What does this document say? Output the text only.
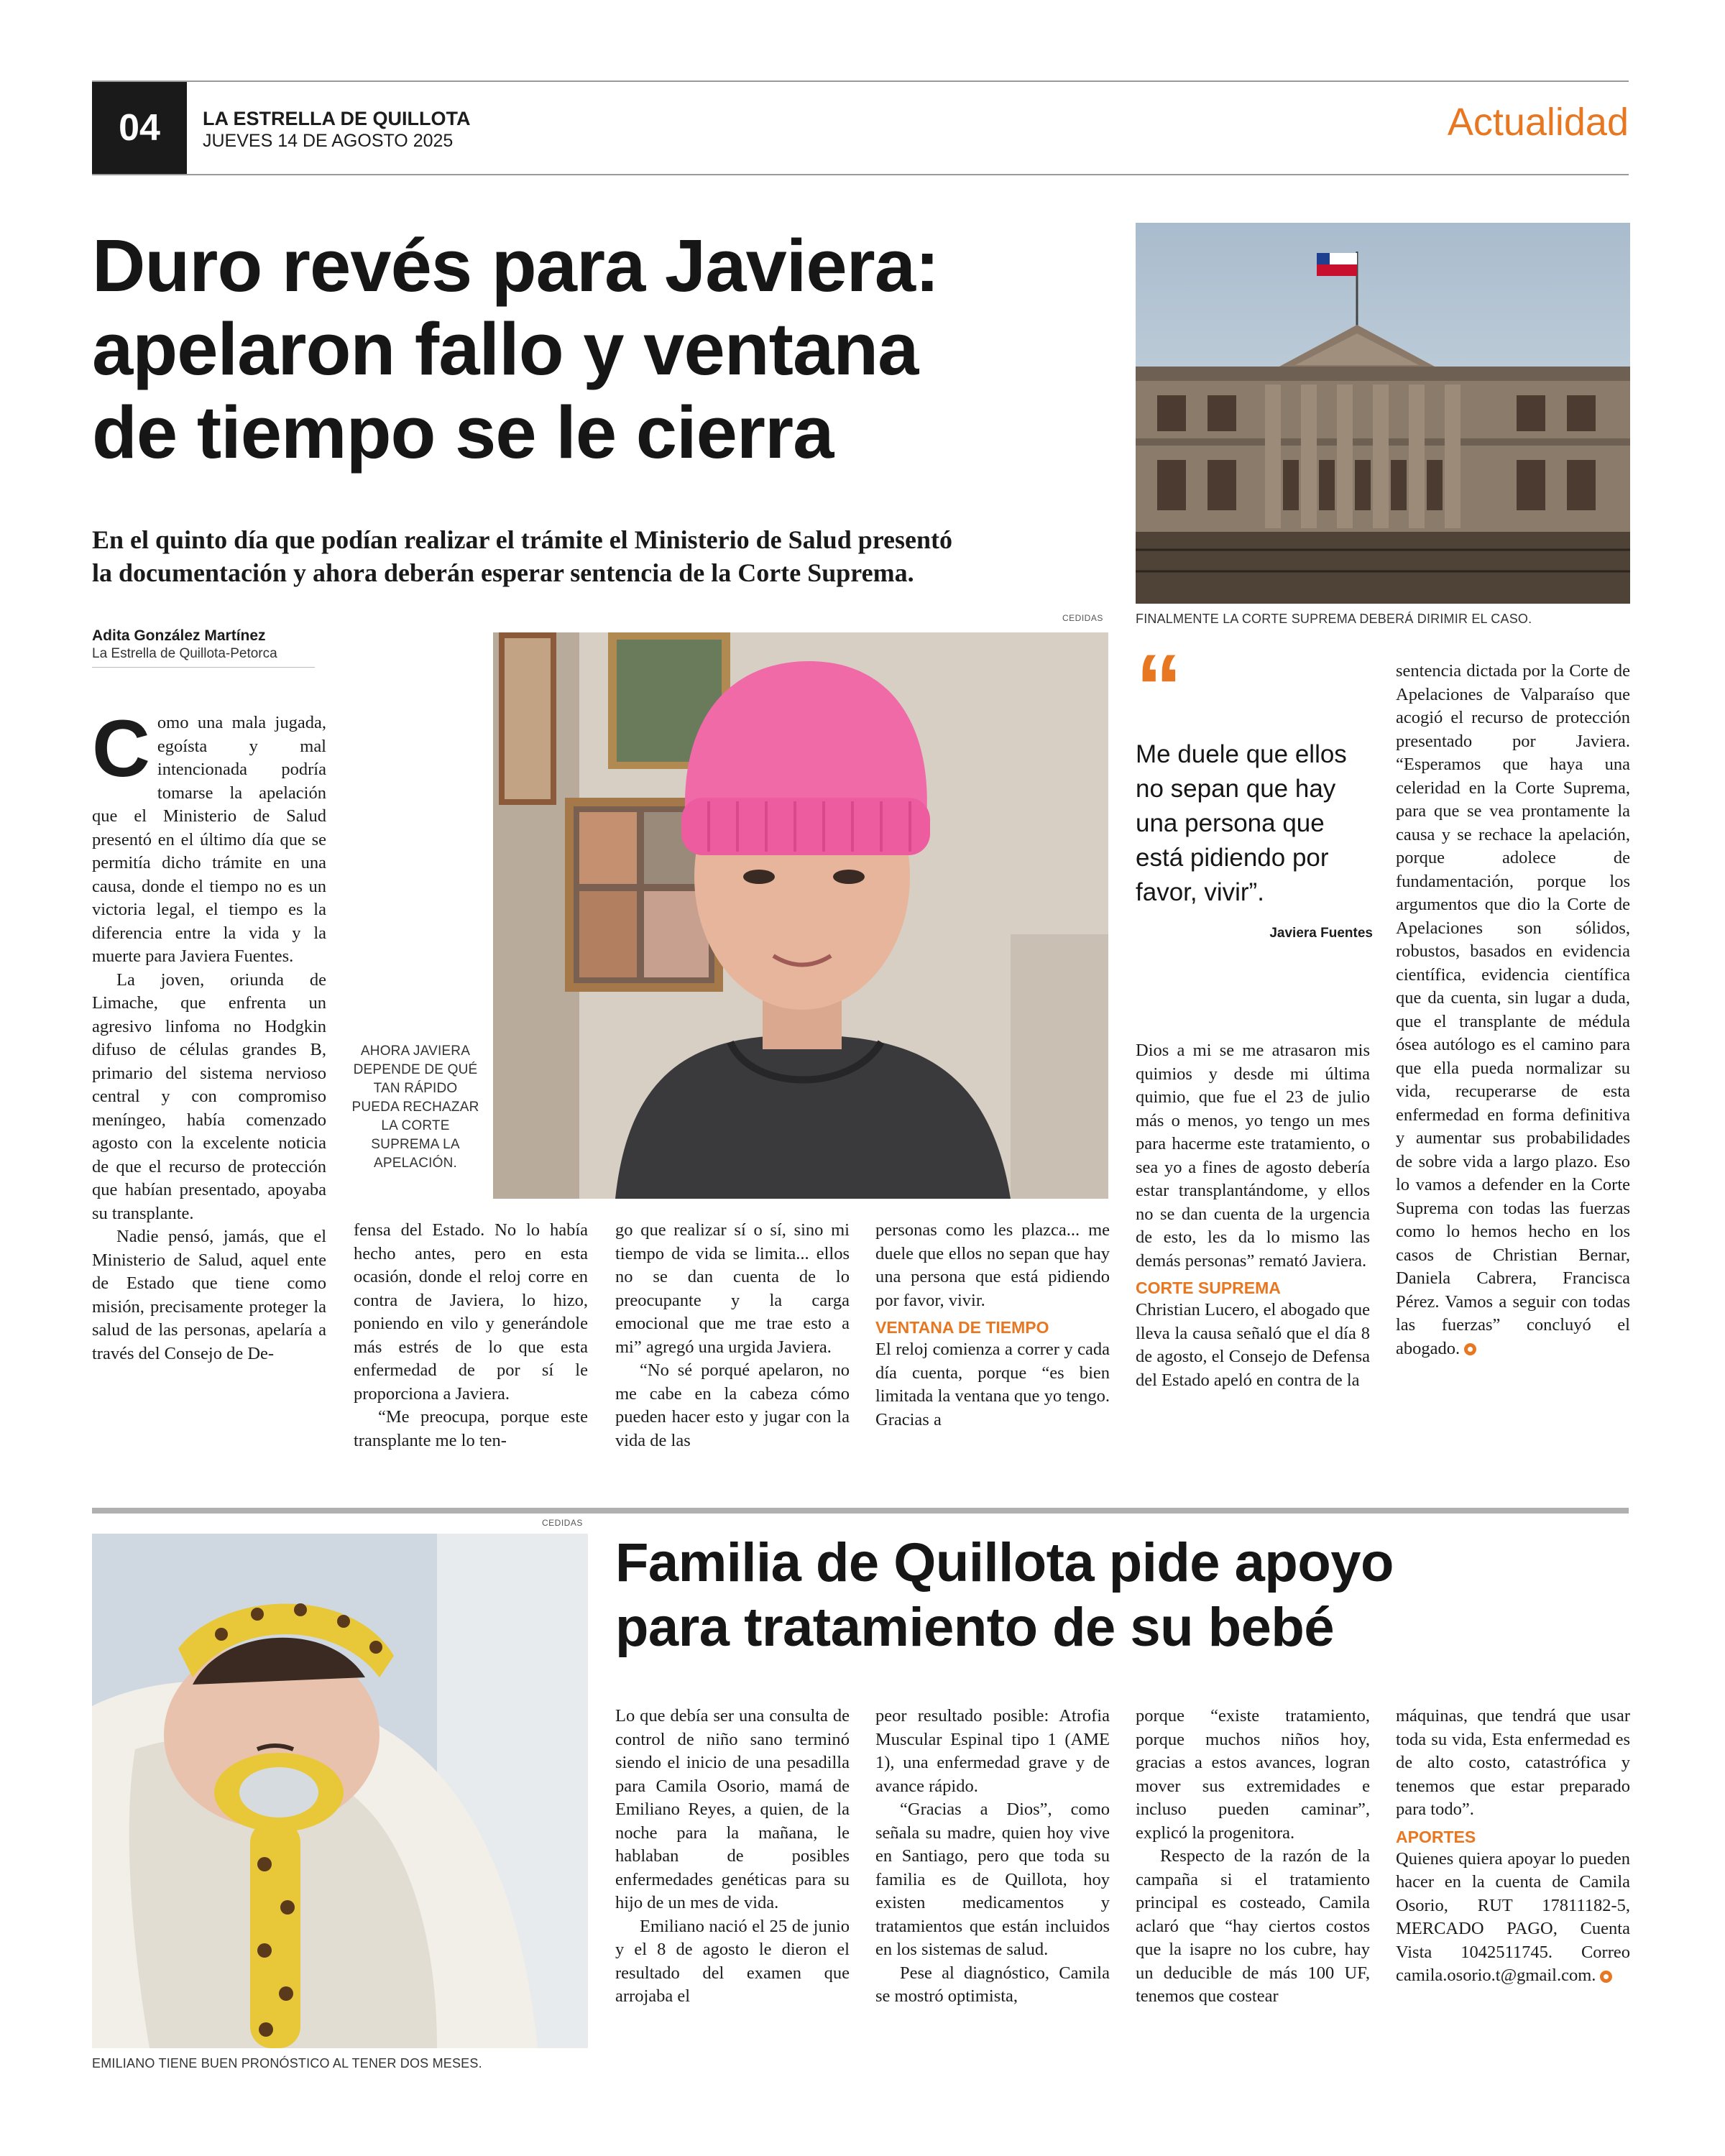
04	LA ESTRELLA DE QUILLOTA
JUEVES 14 DE AGOSTO 2025	Actualidad
Duro revés para Javiera:
apelaron fallo y ventana
de tiempo se le cierra
En el quinto día que podían realizar el trámite el Ministerio de Salud presentó
la documentación y ahora deberán esperar sentencia de la Corte Suprema.
Adita González Martínez
La Estrella de Quillota-Petorca
FINALMENTE LA CORTE SUPREMA DEBERÁ DIRIMIR EL CASO.
CEDIDAS
AHORA JAVIERA DEPENDE DE QUÉ TAN RÁPIDO PUEDA RECHAZAR LA CORTE SUPREMA LA APELACIÓN.

Como una mala jugada, egoísta y mal intencionada podría tomarse la apelación que el Ministerio de Salud presentó en el último día que se permitía dicho trámite en una causa, donde el tiempo no es un victoria legal, el tiempo es la diferencia entre la vida y la muerte para Javiera Fuentes.

La joven, oriunda de Limache, que enfrenta un agresivo linfoma no Hodgkin difuso de células grandes B, primario del sistema nervioso central y con compromiso meníngeo, había comenzado agosto con la excelente noticia de que el recurso de protección que habían presentado, apoyaba su transplante.

Nadie pensó, jamás, que el Ministerio de Salud, aquel ente de Estado que tiene como misión, precisamente proteger la salud de las personas, apelaría a través del Consejo de De-

fensa del Estado. No lo había hecho antes, pero en esta ocasión, donde el reloj corre en contra de Javiera, lo hizo, poniendo en vilo y generándole más estrés de lo que esta enfermedad de por sí le proporciona a Javiera.

“Me preocupa, porque este transplante me lo ten-

go que realizar sí o sí, sino mi tiempo de vida se limita... ellos no se dan cuenta de lo preocupante y la carga emocional que me trae esto a mi” agregó una urgida Javiera.

“No sé porqué apelaron, no me cabe en la cabeza cómo pueden hacer esto y jugar con la vida de las

personas como les plazca... me duele que ellos no sepan que hay una persona que está pidiendo por favor, vivir.

VENTANA DE TIEMPO

El reloj comienza a correr y cada día cuenta, porque “es bien limitada la ventana que yo tengo. Gracias a

“
Me duele que ellos no sepan que hay una persona que está pidiendo por favor, vivir”.
Javiera Fuentes

Dios a mi se me atrasaron mis quimios y desde mi última quimio, que fue el 23 de julio más o menos, yo tengo un mes para hacerme este tratamiento, o sea yo a fines de agosto debería estar transplantándome, y ellos no se dan cuenta de la urgencia de esto, les da lo mismo las demás personas” remató Javiera.

CORTE SUPREMA

Christian Lucero, el abogado que lleva la causa señaló que el día 8 de agosto, el Consejo de Defensa del Estado apeló en contra de la

sentencia dictada por la Corte de Apelaciones de Valparaíso que acogió el recurso de protección presentado por Javiera. “Esperamos que haya una celeridad en la Corte Suprema, para que se vea prontamente la causa y se rechace la apelación, porque adolece de fundamentación, porque los argumentos que dio la Corte de Apelaciones son sólidos, robustos, basados en evidencia científica, evidencia científica que da cuenta, sin lugar a duda, que el transplante de médula ósea autólogo es el camino para que ella pueda normalizar su vida, recuperarse de esta enfermedad en forma definitiva y aumentar sus probabilidades de sobre vida a largo plazo. Eso lo vamos a defender en la Corte Suprema con todas las fuerzas como lo hemos hecho en los casos de Christian Bernar, Daniela Cabrera, Francisca Pérez. Vamos a seguir con todas las fuerzas” concluyó el abogado.

CEDIDAS
EMILIANO TIENE BUEN PRONÓSTICO AL TENER DOS MESES.
Familia de Quillota pide apoyo
para tratamiento de su bebé

Lo que debía ser una consulta de control de niño sano terminó siendo el inicio de una pesadilla para Camila Osorio, mamá de Emiliano Reyes, a quien, de la noche para la mañana, le hablaban de posibles enfermedades genéticas para su hijo de un mes de vida.

Emiliano nació el 25 de junio y el 8 de agosto le dieron el resultado del examen que arrojaba el

peor resultado posible: Atrofia Muscular Espinal tipo 1 (AME 1), una enfermedad grave y de avance rápido.

“Gracias a Dios”, como señala su madre, quien hoy vive en Santiago, pero que toda su familia es de Quillota, hoy existen medicamentos y tratamientos que están incluidos en los sistemas de salud.

Pese al diagnóstico, Camila se mostró optimista,

porque “existe tratamiento, porque muchos niños hoy, gracias a estos avances, logran mover sus extremidades e incluso pueden caminar”, explicó la progenitora.

Respecto de la razón de la campaña si el tratamiento principal es costeado, Camila aclaró que “hay ciertos costos que la isapre no los cubre, hay un deducible de más 100 UF, tenemos que costear

máquinas, que tendrá que usar toda su vida, Esta enfermedad es de alto costo, catastrófica y tenemos que estar preparado para todo”.

APORTES

Quienes quiera apoyar lo pueden hacer en la cuenta de Camila Osorio, RUT 17811182-5, MERCADO PAGO, Cuenta Vista 1042511745. Correo camila.osorio.t@gmail.com.
